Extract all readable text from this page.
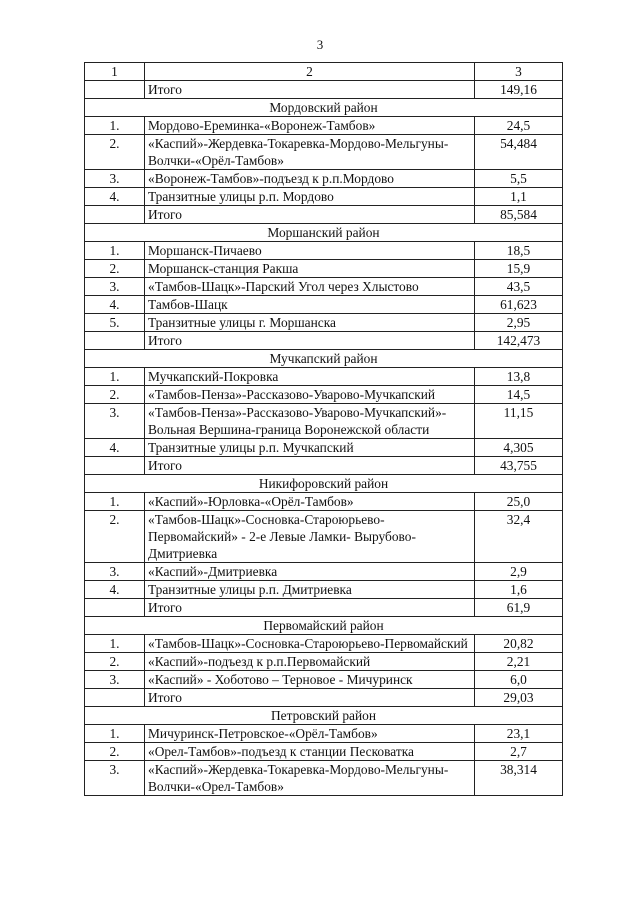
3
1	2	3
	Итого	149,16
Мордовский район		
1.	Мордово-Ереминка-«Воронеж-Тамбов»	24,5
2.	«Каспий»-Жердевка-Токаревка-Мордово-Мельгуны-Волчки-«Орёл-Тамбов»	54,484
3.	«Воронеж-Тамбов»-подъезд к р.п.Мордово	5,5
4.	Транзитные улицы р.п. Мордово	1,1
	Итого	85,584
Моршанский район		
1.	Моршанск-Пичаево	18,5
2.	Моршанск-станция Ракша	15,9
3.	«Тамбов-Шацк»-Парский Угол через Хлыстово	43,5
4.	Тамбов-Шацк	61,623
5.	Транзитные улицы г. Моршанска	2,95
	Итого	142,473
Мучкапский район		
1.	Мучкапский-Покровка	13,8
2.	«Тамбов-Пенза»-Рассказово-Уварово-Мучкапский	14,5
3.	«Тамбов-Пенза»-Рассказово-Уварово-Мучкапский»-Вольная Вершина-граница Воронежской области	11,15
4.	Транзитные улицы р.п. Мучкапский	4,305
	Итого	43,755
Никифоровский район		
1.	«Каспий»-Юрловка-«Орёл-Тамбов»	25,0
2.	«Тамбов-Шацк»-Сосновка-Староюрьево-Первомайский» - 2-е Левые Ламки- Вырубово-Дмитриевка	32,4
3.	«Каспий»-Дмитриевка	2,9
4.	Транзитные улицы р.п. Дмитриевка	1,6
	Итого	61,9
Первомайский район		
1.	«Тамбов-Шацк»-Сосновка-Староюрьево-Первомайский	20,82
2.	«Каспий»-подъезд к р.п.Первомайский	2,21
3.	«Каспий» - Хоботово – Терновое - Мичуринск	6,0
	Итого	29,03
Петровский район		
1.	Мичуринск-Петровское-«Орёл-Тамбов»	23,1
2.	«Орел-Тамбов»-подъезд к станции Песковатка	2,7
3.	«Каспий»-Жердевка-Токаревка-Мордово-Мельгуны-Волчки-«Орел-Тамбов»	38,314
